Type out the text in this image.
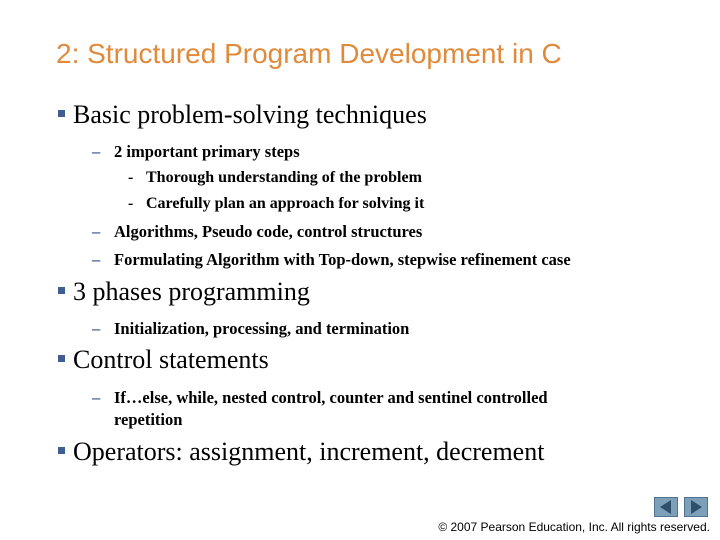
2: Structured Program Development in C
Basic problem-solving techniques
– 2 important primary steps
- Thorough understanding of the problem
- Carefully plan an approach for solving it
– Algorithms, Pseudo code, control structures
– Formulating Algorithm with Top-down, stepwise refinement case
3 phases programming
– Initialization, processing, and termination
Control statements
– If…else, while, nested control, counter and sentinel controlled
repetition
Operators: assignment, increment, decrement
© 2007 Pearson Education, Inc. All rights reserved.
